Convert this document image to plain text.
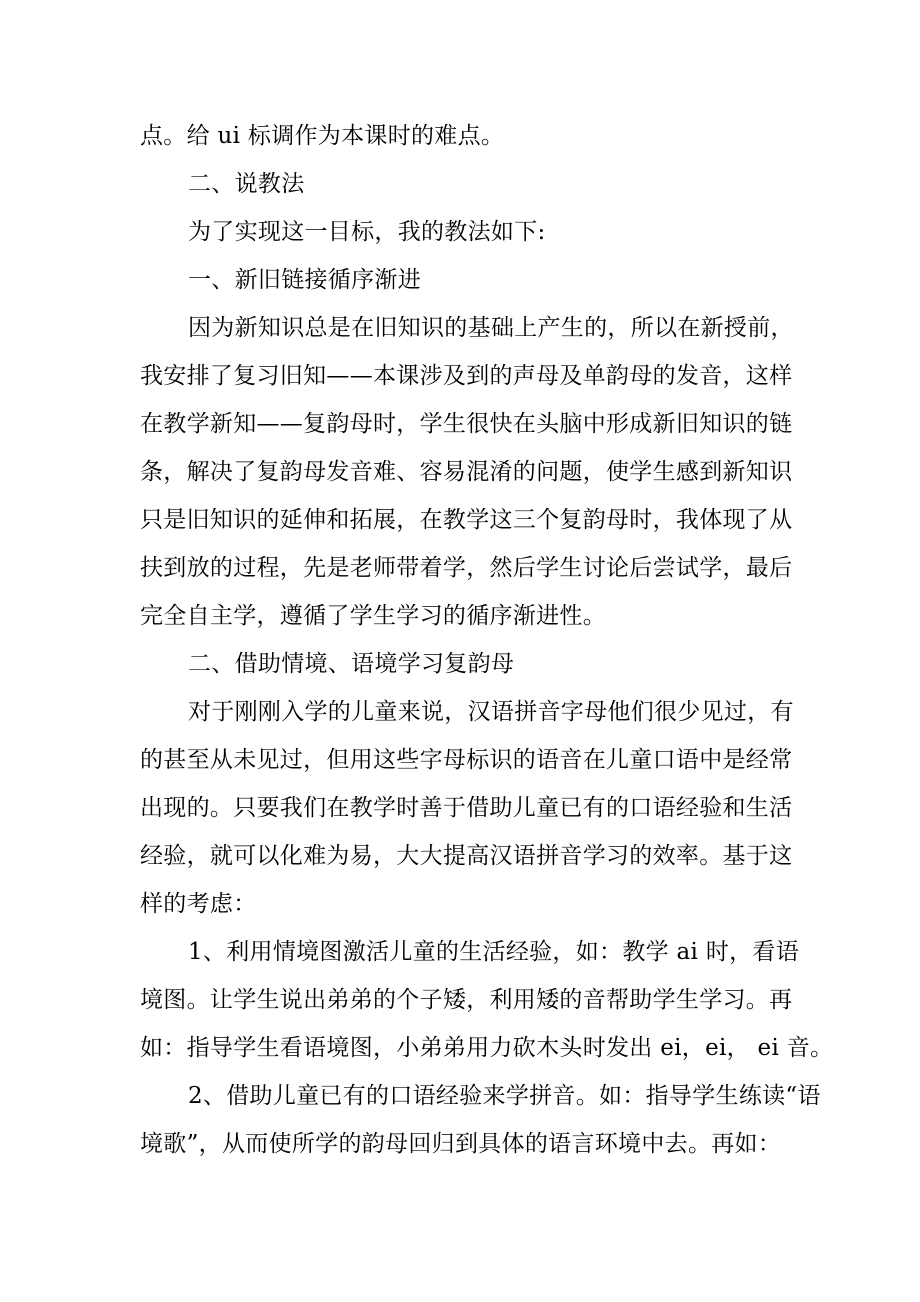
点。给 ui 标调作为本课时的难点。
二、说教法
为了实现这一目标，我的教法如下:
一、新旧链接循序渐进
因为新知识总是在旧知识的基础上产生的，所以在新授前，
我安排了复习旧知——本课涉及到的声母及单韵母的发音，这样
在教学新知——复韵母时，学生很快在头脑中形成新旧知识的链
条，解决了复韵母发音难、容易混淆的问题，使学生感到新知识
只是旧知识的延伸和拓展，在教学这三个复韵母时，我体现了从
扶到放的过程，先是老师带着学，然后学生讨论后尝试学，最后
完全自主学，遵循了学生学习的循序渐进性。
二、借助情境、语境学习复韵母
对于刚刚入学的儿童来说，汉语拼音字母他们很少见过，有
的甚至从未见过，但用这些字母标识的语音在儿童口语中是经常
出现的。只要我们在教学时善于借助儿童已有的口语经验和生活
经验，就可以化难为易，大大提高汉语拼音学习的效率。基于这
样的考虑：
1、利用情境图激活儿童的生活经验，如：教学 ai 时，看语
境图。让学生说出弟弟的个子矮，利用矮的音帮助学生学习。再
如：指导学生看语境图，小弟弟用力砍木头时发出 ei，ei， ei 音。
2、借助儿童已有的口语经验来学拼音。如：指导学生练读“语
境歌”，从而使所学的韵母回归到具体的语言环境中去。再如：
